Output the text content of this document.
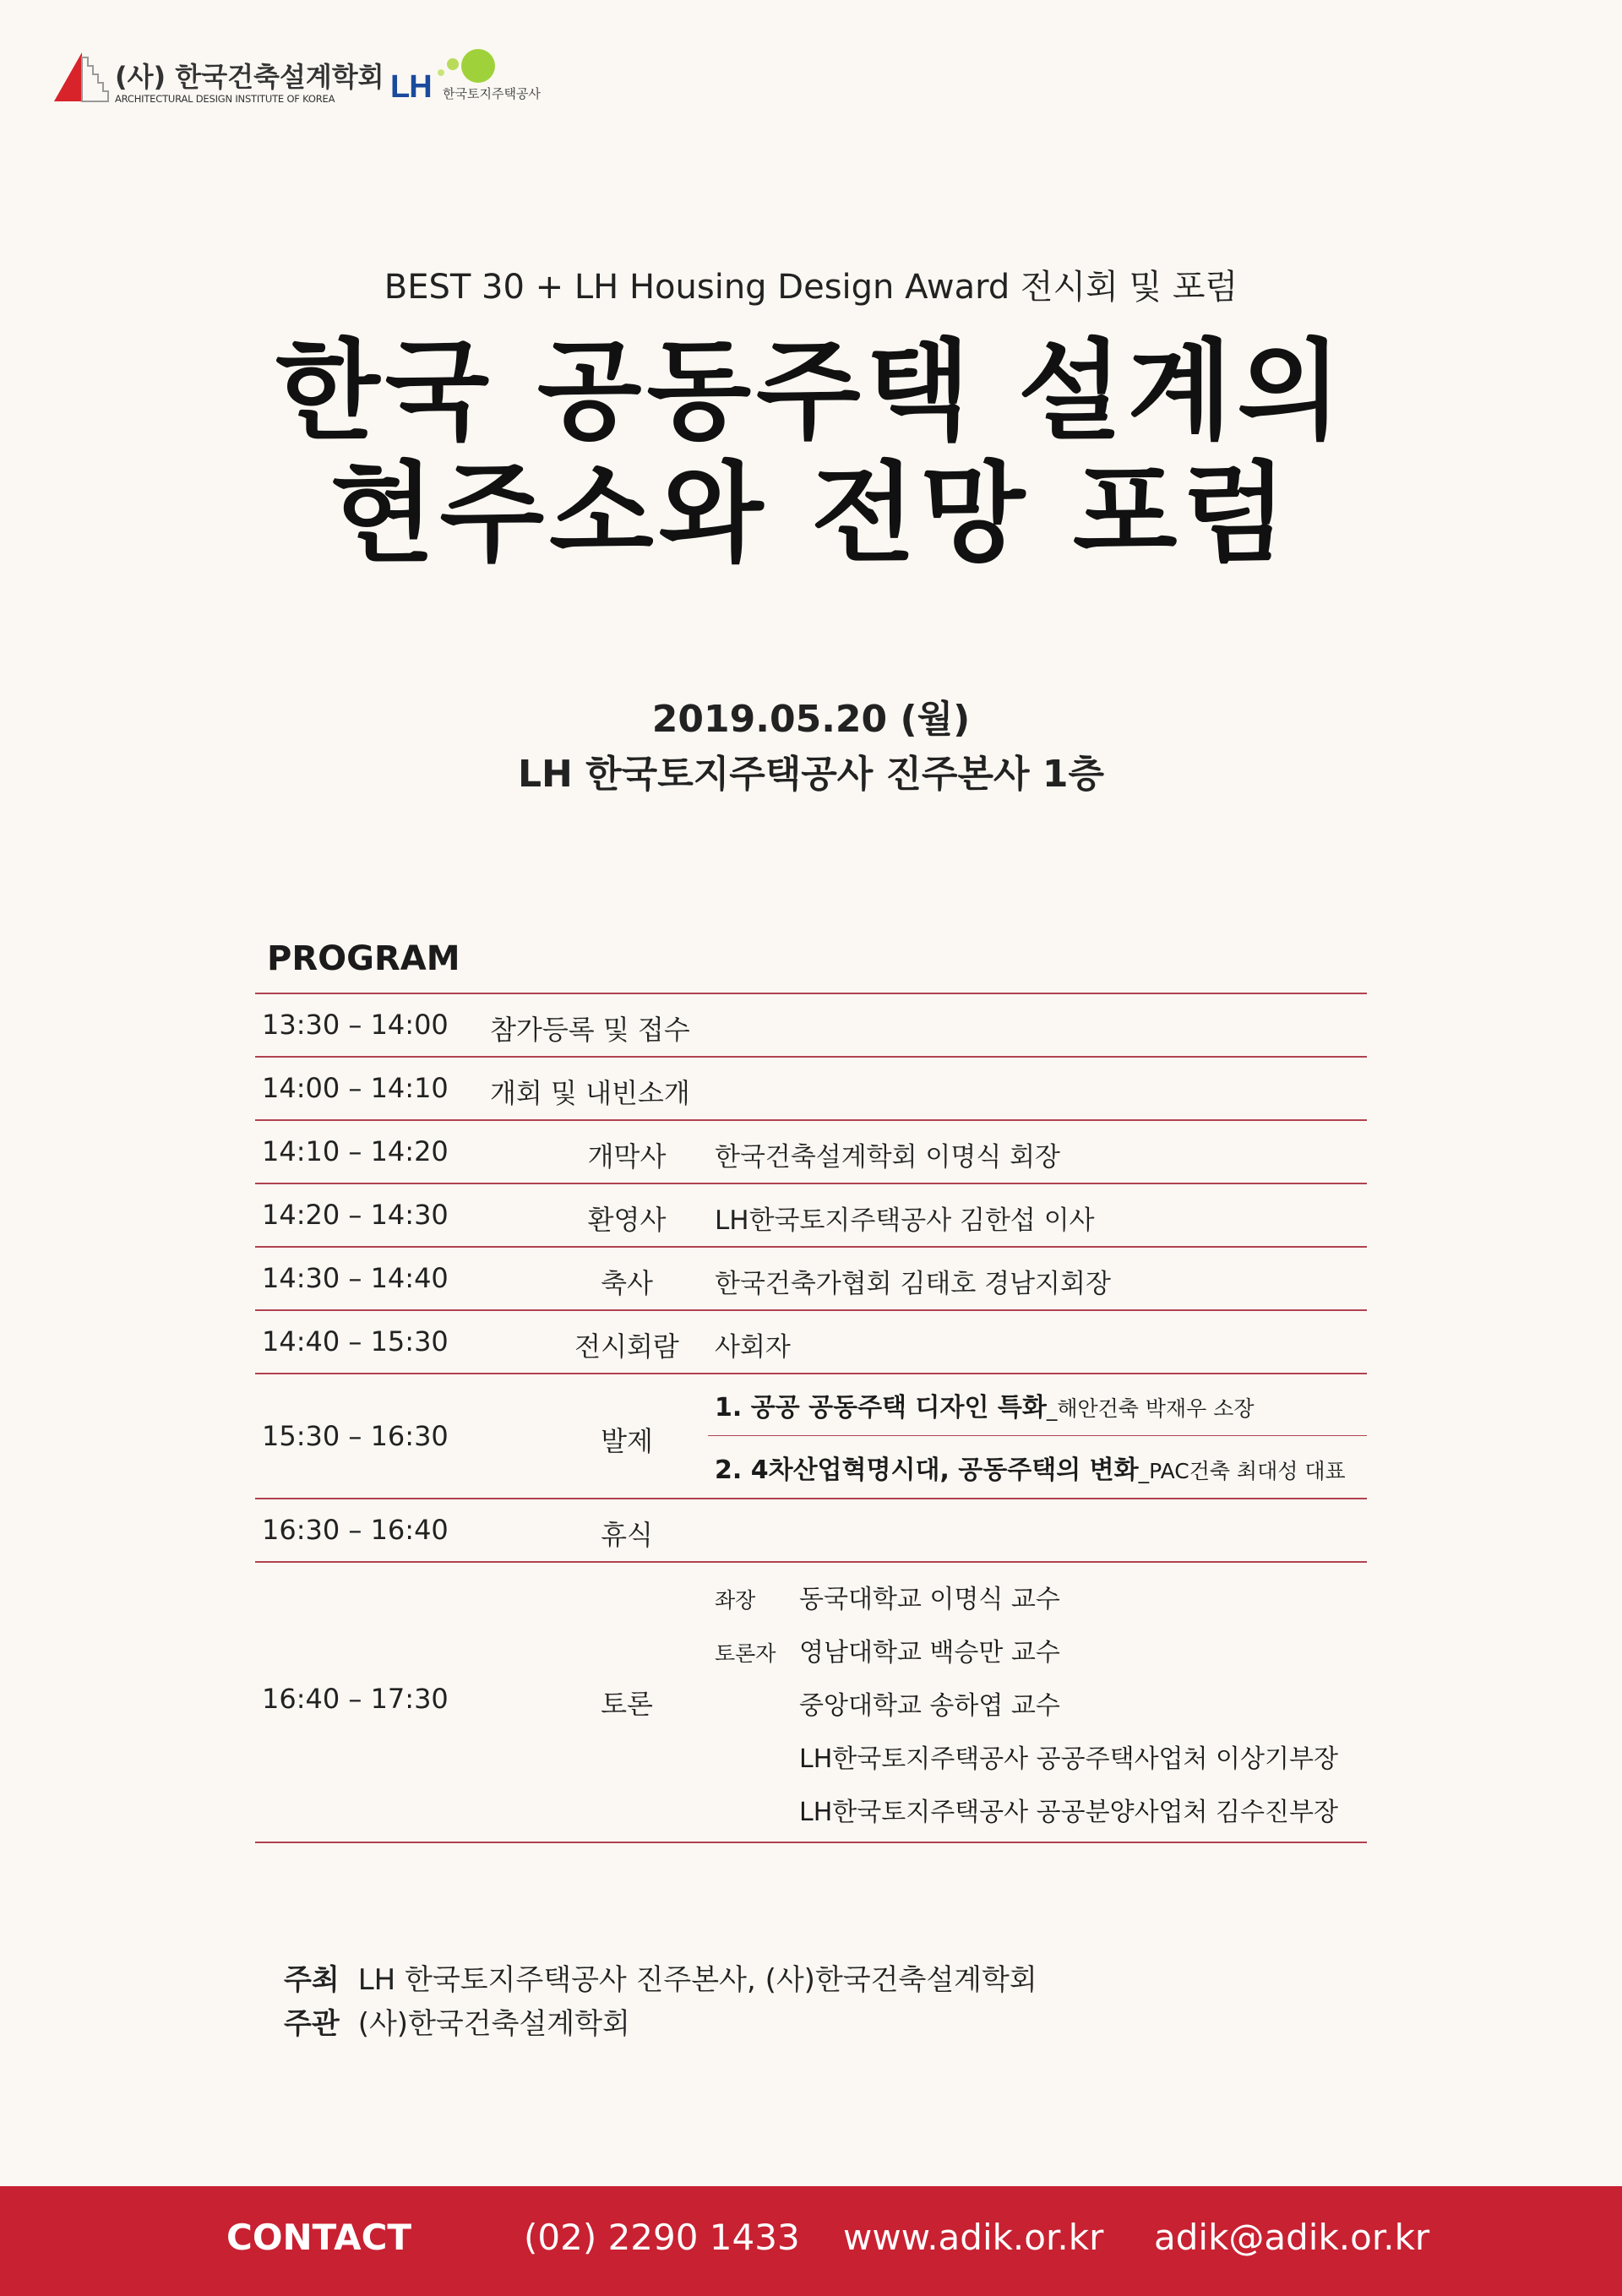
(사) 한국건축설계학회
ARCHITECTURAL DESIGN INSTITUTE OF KOREA LH 한국토지주택공사
BEST 30 + LH Housing Design Award 전시회 및 포럼
한국 공동주택 설계의
현주소와 전망 포럼
2019.05.20 (월)
LH 한국토지주택공사 진주본사 1층
PROGRAM
13:30 – 14:00 참가등록 및 접수
14:00 – 14:10 개회 및 내빈소개
14:10 – 14:20	개막사	한국건축설계학회 이명식 회장
14:20 – 14:30	환영사	LH한국토지주택공사 김한섭 이사
14:30 – 14:40	축사	한국건축가협회 김태호 경남지회장
14:40 – 15:30	전시회람	사회자
15:30 – 16:30	발제
1. 공공 공동주택 디자인 특화_해안건축 박재우 소장
2. 4차산업혁명시대, 공동주택의 변화_PAC건축 최대성 대표
16:30 – 16:40	휴식
16:40 – 17:30	토론
좌장 동국대학교 이명식 교수
토론자 영남대학교 백승만 교수
중앙대학교 송하엽 교수
LH한국토지주택공사 공공주택사업처 이상기부장
LH한국토지주택공사 공공분양사업처 김수진부장
주최 LH 한국토지주택공사 진주본사, (사)한국건축설계학회
주관 (사)한국건축설계학회
CONTACT	(02) 2290 1433 www.adik.or.kr adik@adik.or.kr
